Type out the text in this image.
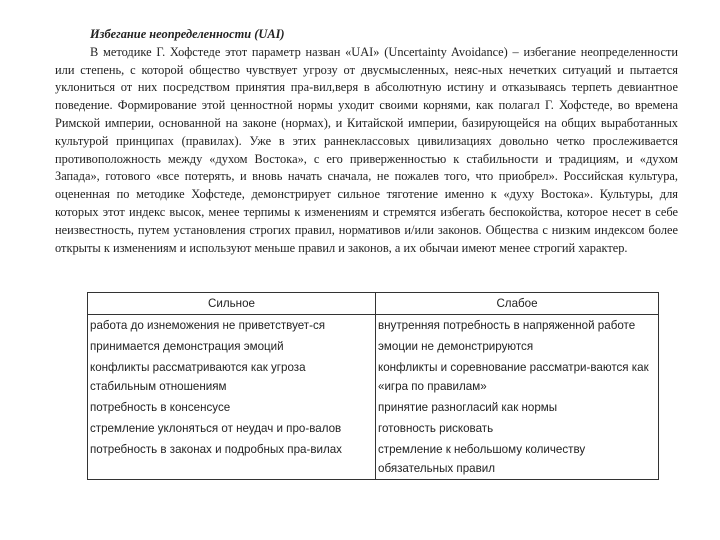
Избегание неопределенности (UAI)

В методике Г. Хофстеде этот параметр назван «UAI» (Uncertainty Avoidance) – избегание неопределенности или степень, с которой общество чувствует угрозу от двусмысленных, неяс-ных нечетких ситуаций и пытается уклониться от них посредством принятия пра-вил,веря в абсолютную истину и отказываясь терпеть девиантное поведение. Формирование этой ценностной нормы уходит своими корнями, как полагал Г. Хофстеде, во времена Римской империи, основанной на законе (нормах), и Китайской империи, базирующейся на общих выработанных культурой принципах (правилах). Уже в этих раннеклассовых цивилизациях довольно четко прослеживается противоположность между «духом Востока», с его приверженностью к стабильности и традициям, и «духом Запада», готового «все потерять, и вновь начать сначала, не пожалев того, что приобрел». Российская культура, оцененная по методике Хофстеде, демонстрирует сильное тяготение именно к «духу Востока». Культуры, для которых этот индекс высок, менее терпимы к изменениям и стремятся избегать беспокойства, которое несет в себе неизвестность, путем установления строгих правил, нормативов и/или законов. Общества с низким индексом более открыты к изменениям и используют меньше правил и законов, а их обычаи имеют менее строгий характер.

Сильное	Слабое
работа до изнеможения не приветствует-ся	внутренняя потребность в напряженной работе
принимается демонстрация эмоций	эмоции не демонстрируются
конфликты рассматриваются как угроза стабильным отношениям	конфликты и соревнование рассматри-ваются как «игра по правилам»
потребность в консенсусе	принятие разногласий как нормы
стремление уклоняться от неудач и про-валов	готовность рисковать
потребность в законах и подробных пра-вилах	стремление к небольшому количеству обязательных правил
